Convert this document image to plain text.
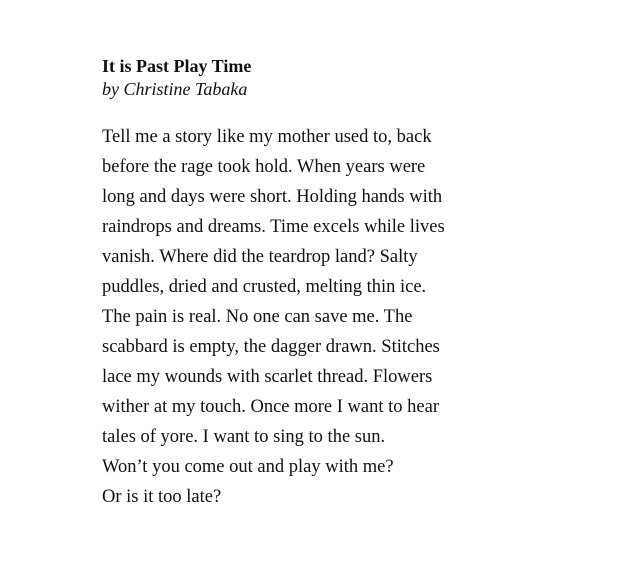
It is Past Play Time
by Christine Tabaka
Tell me a story like my mother used to, back
before the rage took hold. When years were
long and days were short. Holding hands with
raindrops and dreams. Time excels while lives
vanish. Where did the teardrop land? Salty
puddles, dried and crusted, melting thin ice.
The pain is real. No one can save me. The
scabbard is empty, the dagger drawn. Stitches
lace my wounds with scarlet thread. Flowers
wither at my touch. Once more I want to hear
tales of yore. I want to sing to the sun.
Won’t you come out and play with me?
Or is it too late?
